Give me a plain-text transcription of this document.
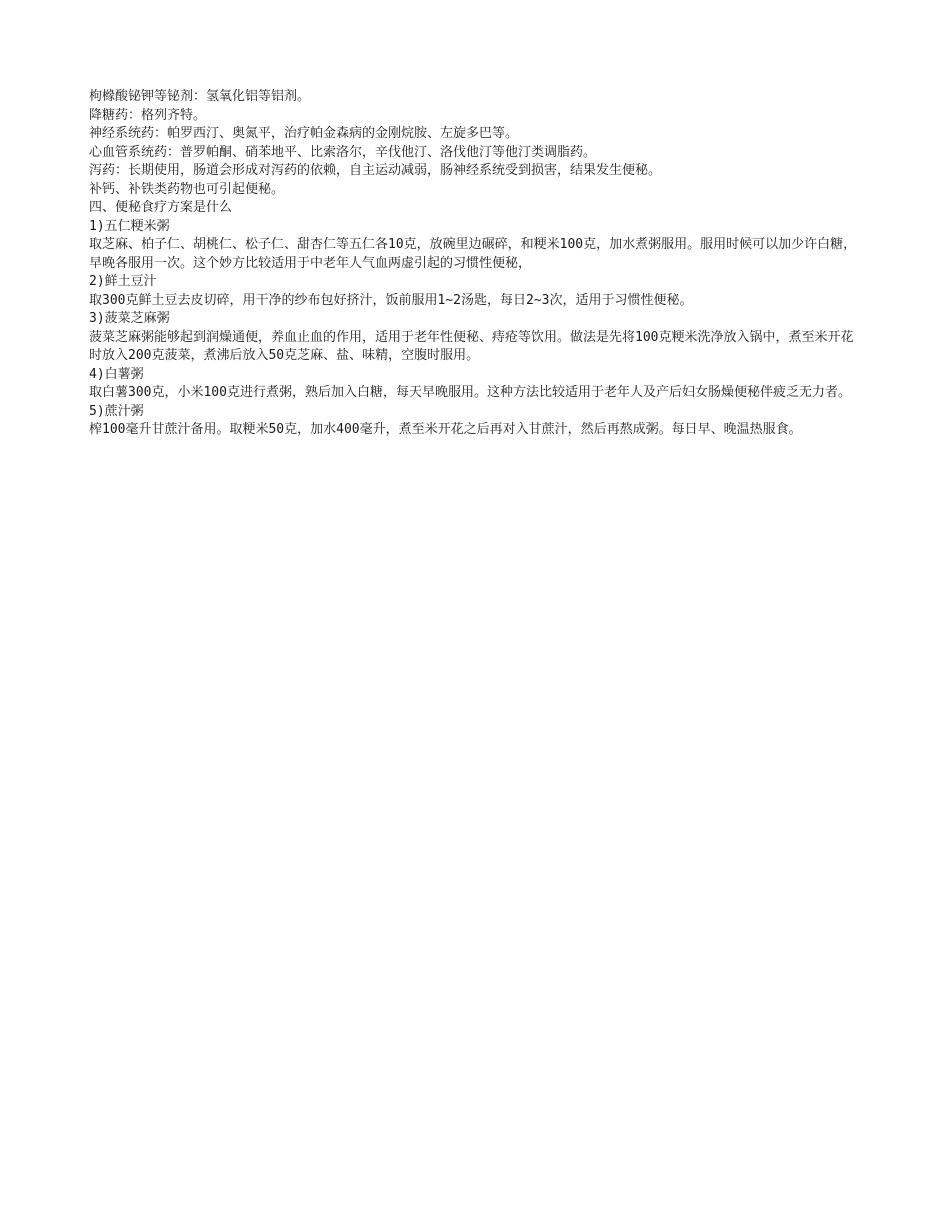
枸橼酸铋钾等铋剂：氢氧化铝等铝剂。

降糖药：格列齐特。

神经系统药：帕罗西汀、奥氮平，治疗帕金森病的金刚烷胺、左旋多巴等。

心血管系统药：普罗帕酮、硝苯地平、比索洛尔，辛伐他汀、洛伐他汀等他汀类调脂药。

泻药：长期使用，肠道会形成对泻药的依赖，自主运动减弱，肠神经系统受到损害，结果发生便秘。

补钙、补铁类药物也可引起便秘。

四、便秘食疗方案是什么

1)五仁粳米粥

取芝麻、柏子仁、胡桃仁、松子仁、甜杏仁等五仁各10克，放碗里边碾碎，和粳米100克，加水煮粥服用。服用时候可以加少许白糖，早晚各服用一次。这个妙方比较适用于中老年人气血两虚引起的习惯性便秘，

2)鲜土豆汁

取300克鲜土豆去皮切碎，用干净的纱布包好挤汁，饭前服用1~2汤匙，每日2~3次，适用于习惯性便秘。

3)菠菜芝麻粥

菠菜芝麻粥能够起到润燥通便，养血止血的作用，适用于老年性便秘、痔疮等饮用。做法是先将100克粳米洗净放入锅中，煮至米开花时放入200克菠菜，煮沸后放入50克芝麻、盐、味精，空腹时服用。

4)白薯粥

取白薯300克，小米100克进行煮粥，熟后加入白糖，每天早晚服用。这种方法比较适用于老年人及产后妇女肠燥便秘伴疲乏无力者。

5)蔗汁粥

榨100毫升甘蔗汁备用。取粳米50克，加水400毫升，煮至米开花之后再对入甘蔗汁，然后再熬成粥。每日早、晚温热服食。
